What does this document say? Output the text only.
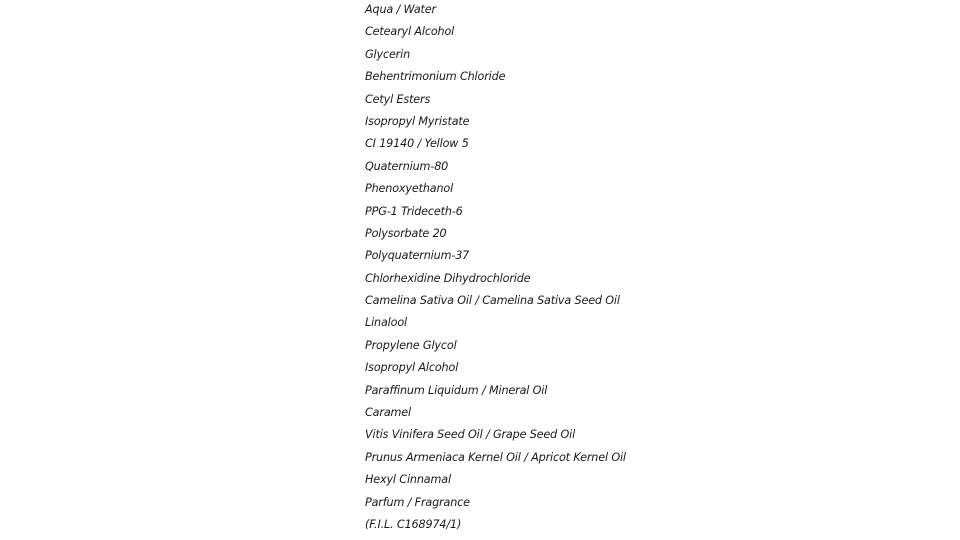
Aqua / Water
Cetearyl Alcohol
Glycerin
Behentrimonium Chloride
Cetyl Esters
Isopropyl Myristate
CI 19140 / Yellow 5
Quaternium-80
Phenoxyethanol
PPG-1 Trideceth-6
Polysorbate 20
Polyquaternium-37
Chlorhexidine Dihydrochloride
Camelina Sativa Oil / Camelina Sativa Seed Oil
Linalool
Propylene Glycol
Isopropyl Alcohol
Paraffinum Liquidum / Mineral Oil
Caramel
Vitis Vinifera Seed Oil / Grape Seed Oil
Prunus Armeniaca Kernel Oil / Apricot Kernel Oil
Hexyl Cinnamal
Parfum / Fragrance
(F.I.L. C168974/1)
